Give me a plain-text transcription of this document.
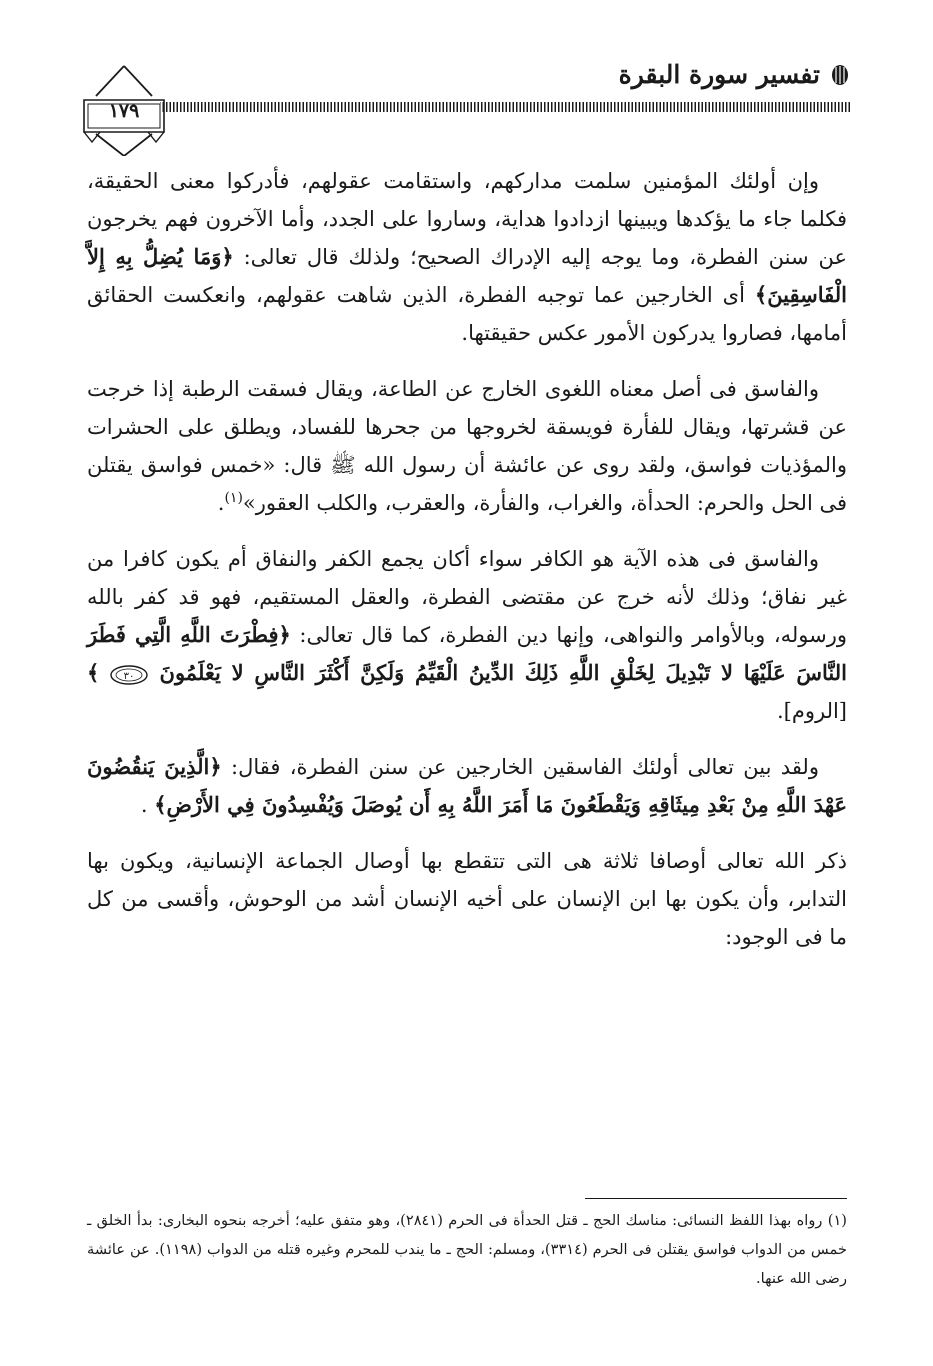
تفسير سورة البقرة
١٧٩

وإن أولئك المؤمنين سلمت مداركهم، واستقامت عقولهم، فأدركوا معنى الحقيقة، فكلما جاء ما يؤكدها ويبينها ازدادوا هداية، وساروا على الجدد، وأما الآخرون فهم يخرجون عن سنن الفطرة، وما يوجه إليه الإدراك الصحيح؛ ولذلك قال تعالى: ﴿وَمَا يُضِلُّ بِهِ إِلاَّ الْفَاسِقِينَ﴾ أى الخارجين عما توجبه الفطرة، الذين شاهت عقولهم، وانعكست الحقائق أمامها، فصاروا يدركون الأمور عكس حقيقتها.

والفاسق فى أصل معناه اللغوى الخارج عن الطاعة، ويقال فسقت الرطبة إذا خرجت عن قشرتها، ويقال للفأرة فويسقة لخروجها من جحرها للفساد، ويطلق على الحشرات والمؤذيات فواسق، ولقد روى عن عائشة أن رسول الله ﷺ قال: «خمس فواسق يقتلن فى الحل والحرم: الحدأة، والغراب، والفأرة، والعقرب، والكلب العقور»$^{(١)}$.

والفاسق فى هذه الآية هو الكافر سواء أكان يجمع الكفر والنفاق أم يكون كافرا من غير نفاق؛ وذلك لأنه خرج عن مقتضى الفطرة، والعقل المستقيم، فهو قد كفر بالله ورسوله، وبالأوامر والنواهى، وإنها دين الفطرة، كما قال تعالى: ﴿فِطْرَتَ اللَّهِ الَّتِي فَطَرَ النَّاسَ عَلَيْهَا لا تَبْدِيلَ لِخَلْقِ اللَّهِ ذَلِكَ الدِّينُ الْقَيِّمُ وَلَكِنَّ أَكْثَرَ النَّاسِ لا يَعْلَمُونَ
٣٠
﴾ [الروم].

ولقد بين تعالى أولئك الفاسقين الخارجين عن سنن الفطرة، فقال: ﴿الَّذِينَ يَنقُضُونَ عَهْدَ اللَّهِ مِنْ بَعْدِ مِيثَاقِهِ وَيَقْطَعُونَ مَا أَمَرَ اللَّهُ بِهِ أَن يُوصَلَ وَيُفْسِدُونَ فِي الأَرْضِ﴾ .

ذكر الله تعالى أوصافا ثلاثة هى التى تتقطع بها أوصال الجماعة الإنسانية، ويكون بها التدابر، وأن يكون بها ابن الإنسان على أخيه الإنسان أشد من الوحوش، وأقسى من كل ما فى الوجود:

(١) رواه بهذا اللفظ النسائى: مناسك الحج ـ قتل الحدأة فى الحرم (٢٨٤١)، وهو متفق عليه؛ أخرجه بنحوه البخارى: بدأ الخلق ـ خمس من الدواب فواسق يقتلن فى الحرم (٣٣١٤)، ومسلم: الحج ـ ما يندب للمحرم وغيره قتله من الدواب (١١٩٨). عن عائشة رضى الله عنها.
